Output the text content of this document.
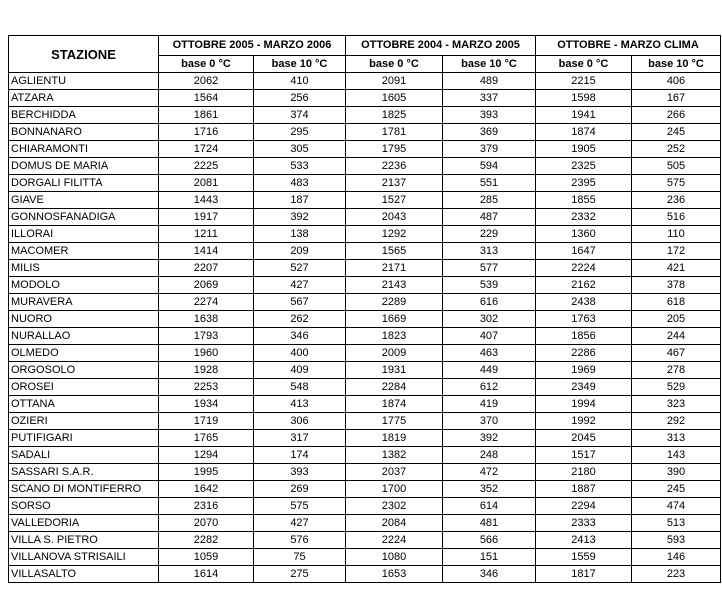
STAZIONE	OTTOBRE 2005 - MARZO 2006		OTTOBRE 2004 - MARZO 2005		OTTOBRE - MARZO CLIMA	
	base 0 °C	base 10 °C	base 0 °C	base 10 °C	base 0 °C	base 10 °C
AGLIENTU	2062	410	2091	489	2215	406
ATZARA	1564	256	1605	337	1598	167
BERCHIDDA	1861	374	1825	393	1941	266
BONNANARO	1716	295	1781	369	1874	245
CHIARAMONTI	1724	305	1795	379	1905	252
DOMUS DE MARIA	2225	533	2236	594	2325	505
DORGALI FILITTA	2081	483	2137	551	2395	575
GIAVE	1443	187	1527	285	1855	236
GONNOSFANADIGA	1917	392	2043	487	2332	516
ILLORAI	1211	138	1292	229	1360	110
MACOMER	1414	209	1565	313	1647	172
MILIS	2207	527	2171	577	2224	421
MODOLO	2069	427	2143	539	2162	378
MURAVERA	2274	567	2289	616	2438	618
NUORO	1638	262	1669	302	1763	205
NURALLAO	1793	346	1823	407	1856	244
OLMEDO	1960	400	2009	463	2286	467
ORGOSOLO	1928	409	1931	449	1969	278
OROSEI	2253	548	2284	612	2349	529
OTTANA	1934	413	1874	419	1994	323
OZIERI	1719	306	1775	370	1992	292
PUTIFIGARI	1765	317	1819	392	2045	313
SADALI	1294	174	1382	248	1517	143
SASSARI S.A.R.	1995	393	2037	472	2180	390
SCANO DI MONTIFERRO	1642	269	1700	352	1887	245
SORSO	2316	575	2302	614	2294	474
VALLEDORIA	2070	427	2084	481	2333	513
VILLA S. PIETRO	2282	576	2224	566	2413	593
VILLANOVA STRISAILI	1059	75	1080	151	1559	146
VILLASALTO	1614	275	1653	346	1817	223
